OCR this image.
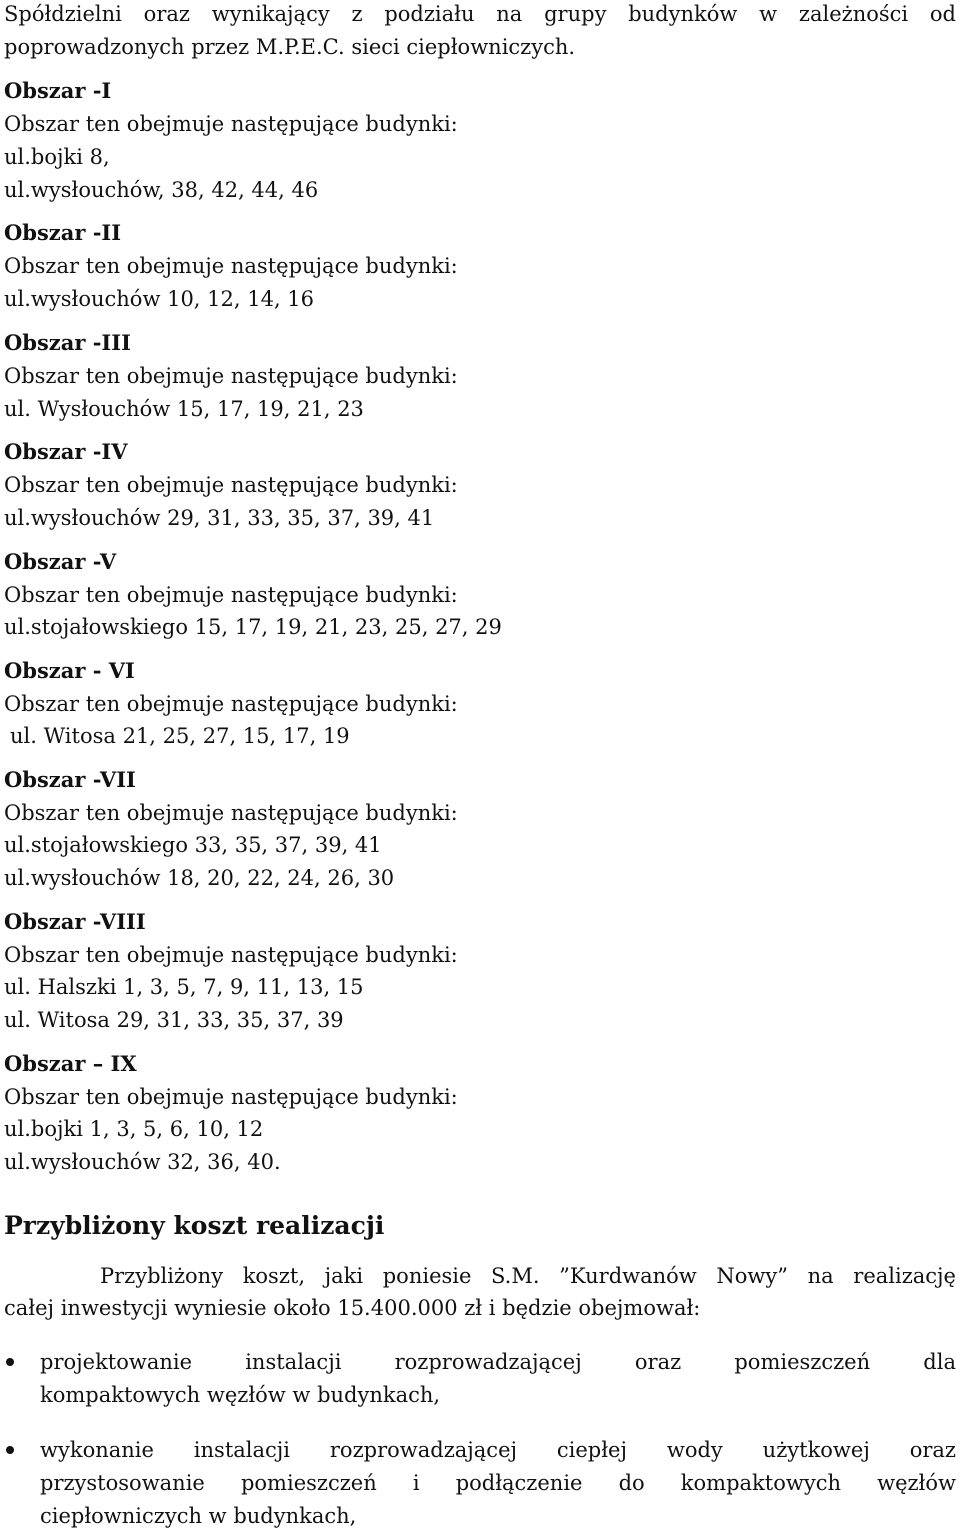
Spółdzielni oraz wynikający z podziału na grupy budynków w zależności od
poprowadzonych przez M.P.E.C. sieci ciepłowniczych.
Obszar -I
Obszar ten obejmuje następujące budynki:
ul.bojki 8,
ul.wysłouchów, 38, 42, 44, 46
Obszar -II
Obszar ten obejmuje następujące budynki:
ul.wysłouchów 10, 12, 14, 16
Obszar -III
Obszar ten obejmuje następujące budynki:
ul. Wysłouchów 15, 17, 19, 21, 23
Obszar -IV
Obszar ten obejmuje następujące budynki:
ul.wysłouchów 29, 31, 33, 35, 37, 39, 41
Obszar -V
Obszar ten obejmuje następujące budynki:
ul.stojałowskiego 15, 17, 19, 21, 23, 25, 27, 29
Obszar - VI
Obszar ten obejmuje następujące budynki:
ul. Witosa 21, 25, 27, 15, 17, 19
Obszar -VII
Obszar ten obejmuje następujące budynki:
ul.stojałowskiego 33, 35, 37, 39, 41
ul.wysłouchów 18, 20, 22, 24, 26, 30
Obszar -VIII
Obszar ten obejmuje następujące budynki:
ul. Halszki 1, 3, 5, 7, 9, 11, 13, 15
ul. Witosa 29, 31, 33, 35, 37, 39
Obszar – IX
Obszar ten obejmuje następujące budynki:
ul.bojki 1, 3, 5, 6, 10, 12
ul.wysłouchów 32, 36, 40.
Przybliżony koszt realizacji
Przybliżony koszt, jaki poniesie S.M. ”Kurdwanów Nowy” na realizację
całej inwestycji wyniesie około 15.400.000 zł i będzie obejmował:
projektowanie instalacji rozprowadzającej oraz pomieszczeń dla
kompaktowych węzłów w budynkach,
wykonanie instalacji rozprowadzającej ciepłej wody użytkowej oraz
przystosowanie pomieszczeń i podłączenie do kompaktowych węzłów
ciepłowniczych w budynkach,
